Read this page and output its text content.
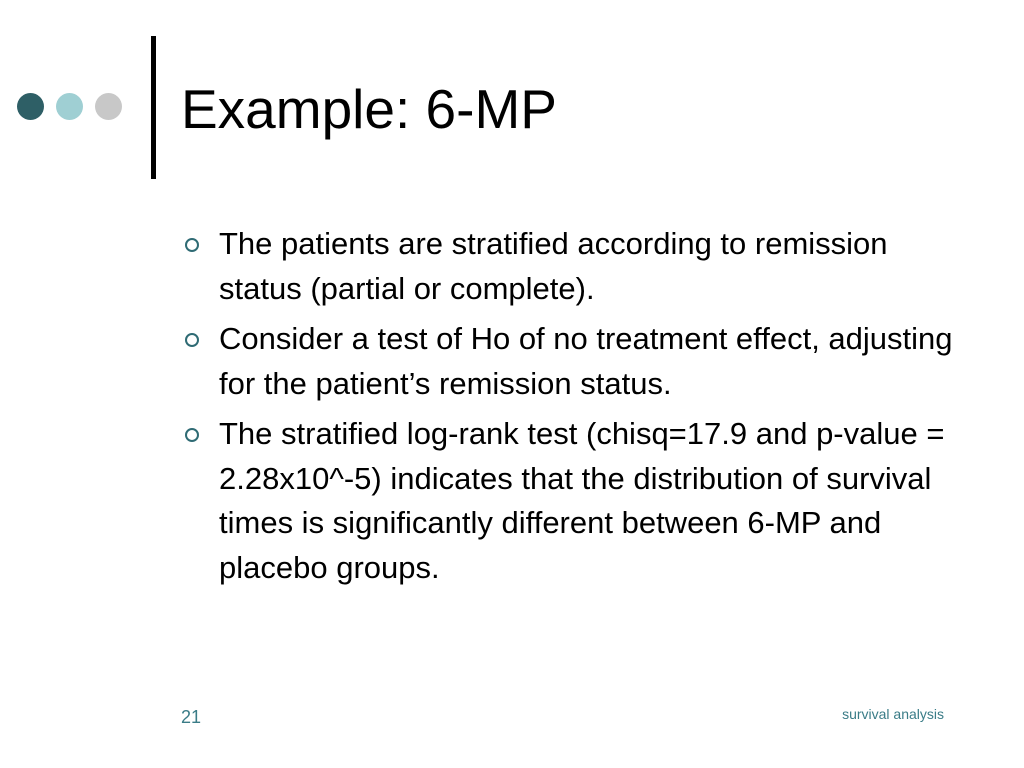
Example: 6-MP
The patients are stratified according to remission status (partial or complete).
Consider a test of Ho of no treatment effect, adjusting for the patient’s remission status.
The stratified log-rank test (chisq=17.9 and p-value = 2.28x10^-5) indicates that the distribution of survival times is significantly different between 6-MP and placebo groups.
21	survival analysis
